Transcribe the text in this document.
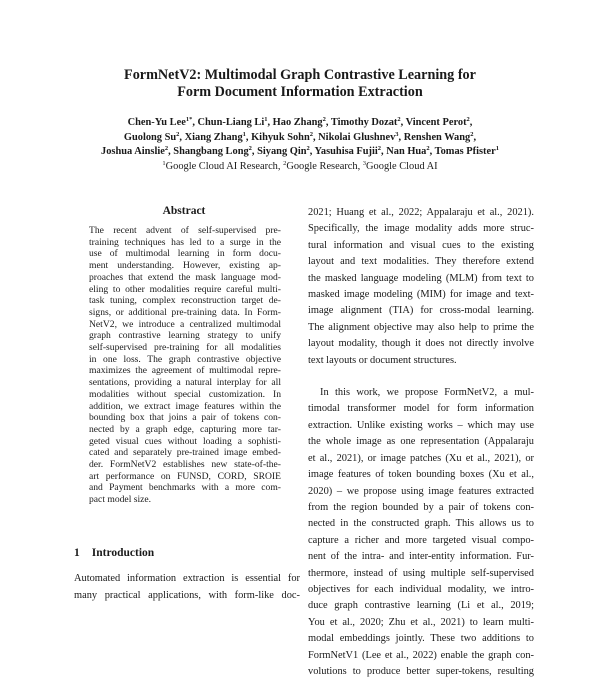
FormNetV2: Multimodal Graph Contrastive Learning for
Form Document Information Extraction
Chen-Yu Lee$^{1*}$, Chun-Liang Li$^1$, Hao Zhang$^2$, Timothy Dozat$^2$, Vincent Perot$^2$,
Guolong Su$^2$, Xiang Zhang$^1$, Kihyuk Sohn$^2$, Nikolai Glushnev$^3$, Renshen Wang$^2$,
Joshua Ainslie$^2$, Shangbang Long$^2$, Siyang Qin$^2$, Yasuhisa Fujii$^2$, Nan Hua$^2$, Tomas Pfister$^1$
$^1$Google Cloud AI Research, $^2$Google Research, $^3$Google Cloud AI
Abstract
The recent advent of self-supervised pre-
training techniques has led to a surge in the
use of multimodal learning in form docu-
ment understanding. However, existing ap-
proaches that extend the mask language mod-
eling to other modalities require careful multi-
task tuning, complex reconstruction target de-
signs, or additional pre-training data. In Form-
NetV2, we introduce a centralized multimodal
graph contrastive learning strategy to unify
self-supervised pre-training for all modalities
in one loss. The graph contrastive objective
maximizes the agreement of multimodal repre-
sentations, providing a natural interplay for all
modalities without special customization. In
addition, we extract image features within the
bounding box that joins a pair of tokens con-
nected by a graph edge, capturing more tar-
geted visual cues without loading a sophisti-
cated and separately pre-trained image embed-
der. FormNetV2 establishes new state-of-the-
art performance on FUNSD, CORD, SROIE
and Payment benchmarks with a more com-
pact model size.
1 Introduction
Automated information extraction is essential for
many practical applications, with form-like doc-
2021; Huang et al., 2022; Appalaraju et al., 2021).
Specifically, the image modality adds more struc-
tural information and visual cues to the existing
layout and text modalities. They therefore extend
the masked language modeling (MLM) from text to
masked image modeling (MIM) for image and text-
image alignment (TIA) for cross-modal learning.
The alignment objective may also help to prime the
layout modality, though it does not directly involve
text layouts or document structures.
In this work, we propose FormNetV2, a mul-
timodal transformer model for form information
extraction. Unlike existing works – which may use
the whole image as one representation (Appalaraju
et al., 2021), or image patches (Xu et al., 2021), or
image features of token bounding boxes (Xu et al.,
2020) – we propose using image features extracted
from the region bounded by a pair of tokens con-
nected in the constructed graph. This allows us to
capture a richer and more targeted visual compo-
nent of the intra- and inter-entity information. Fur-
thermore, instead of using multiple self-supervised
objectives for each individual modality, we intro-
duce graph contrastive learning (Li et al., 2019;
You et al., 2020; Zhu et al., 2021) to learn multi-
modal embeddings jointly. These two additions to
FormNetV1 (Lee et al., 2022) enable the graph con-
volutions to produce better super-tokens, resulting
